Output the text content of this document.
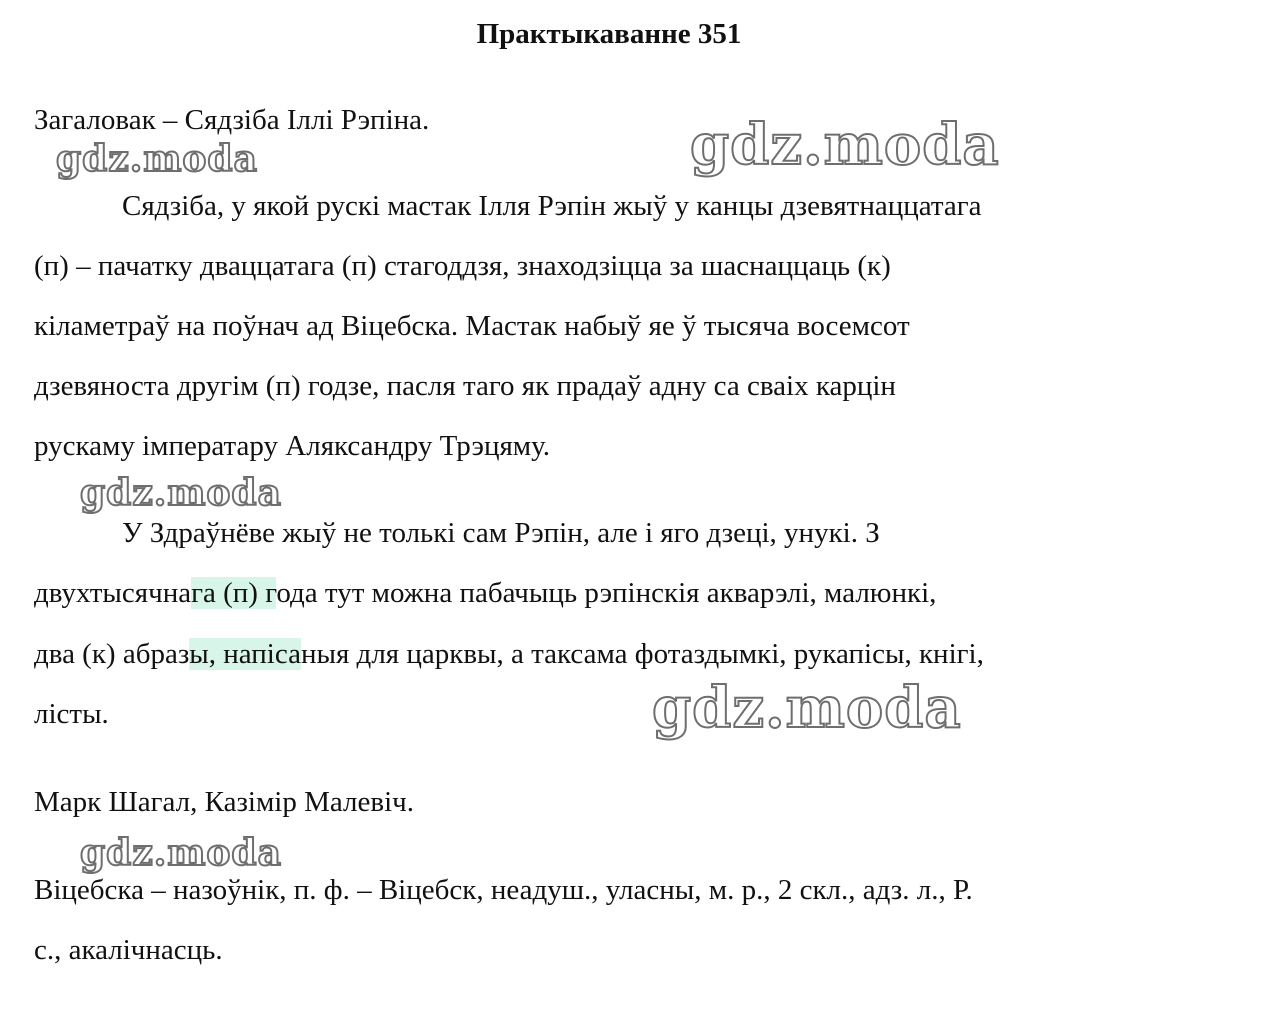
Практыкаванне 351

Загаловак – Сядзіба Іллі Рэпіна.

Сядзіба, у якой рускі мастак Ілля Рэпін жыў у канцы дзевятнаццатага

(п) – пачатку дваццатага (п) стагоддзя, знаходзіцца за шаснаццаць (к)

кіламетраў на поўнач ад Віцебска. Мастак набыў яе ў тысяча восемсот

дзевяноста другім (п) годзе, пасля таго як прадаў адну са сваіх карцін

рускаму імператару Аляксандру Трэцяму.

У Здраўнёве жыў не толькі сам Рэпін, але і яго дзеці, унукі. З

двухтысячнага (п) года тут можна пабачыць рэпінскія акварэлі, малюнкі,

два (к) абразы, напісаныя для царквы, а таксама фотаздымкі, рукапісы, кнігі,

лісты.

Марк Шагал, Казімір Малевіч.

Віцебска – назоўнік, п. ф. – Віцебск, неадуш., уласны, м. р., 2 скл., адз. л., Р.

с., акалічнасць.

gdz.moda	gdz.moda
gdz.moda
gdz.moda
gdz.moda
